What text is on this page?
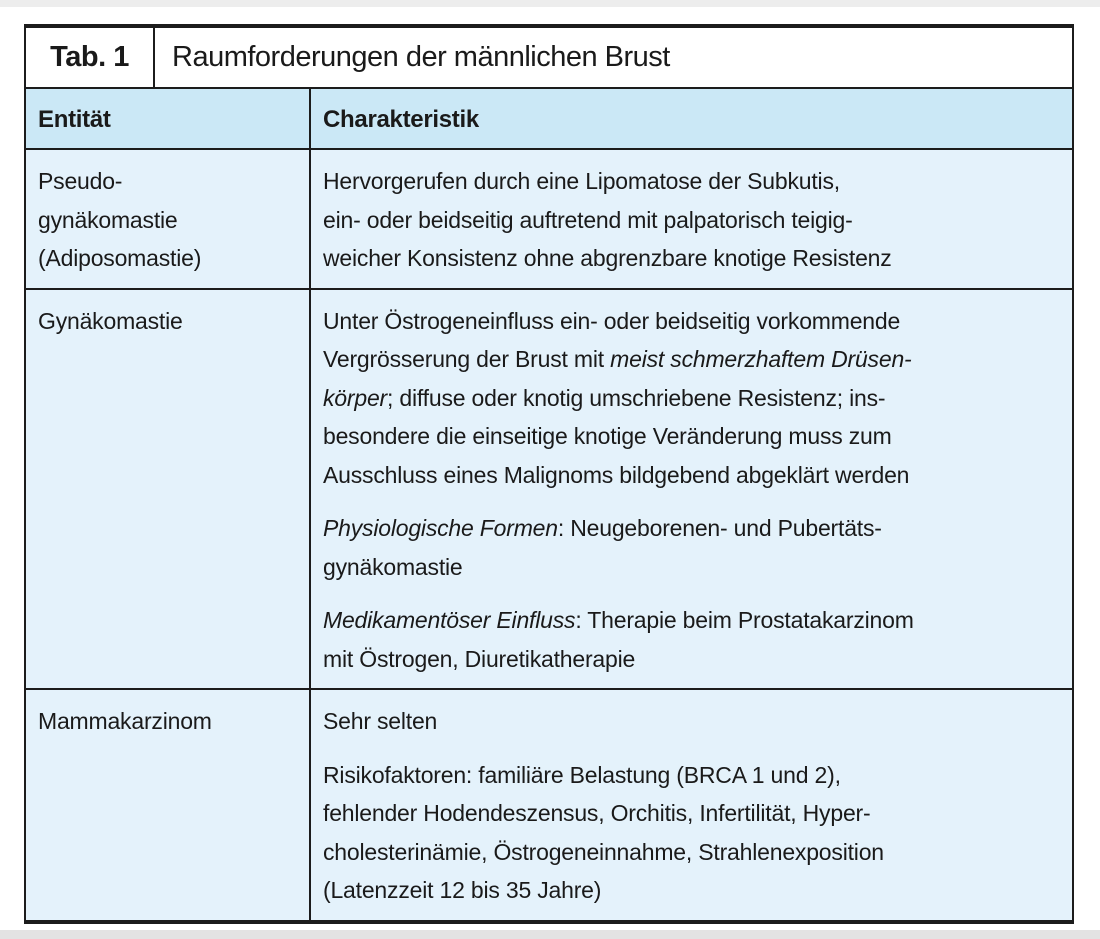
Tab. 1 Raumforderungen der männlichen Brust	

Entität	Charakteristik
Pseudo-
gynäkomastie
(Adiposomastie)	Hervorgerufen durch eine Lipomatose der Subkutis,
ein- oder beidseitig auftretend mit palpatorisch teigig-
weicher Konsistenz ohne abgrenzbare knotige Resistenz

Gynäkomastie	Unter Östrogeneinfluss ein- oder beidseitig vorkommende
Vergrösserung der Brust mit meist schmerzhaftem Drüsen-
körper; diffuse oder knotig umschriebene Resistenz; ins-
besondere die einseitige knotige Veränderung muss zum
Ausschluss eines Malignoms bildgebend abgeklärt werden

Physiologische Formen: Neugeborenen- und Pubertäts-
gynäkomastie

Medikamentöser Einfluss: Therapie beim Prostatakarzinom
mit Östrogen, Diuretikatherapie

Mammakarzinom	Sehr selten

Risikofaktoren: familiäre Belastung (BRCA 1 und 2),
fehlender Hodendeszensus, Orchitis, Infertilität, Hyper-
cholesterinämie, Östrogeneinnahme, Strahlenexposition
(Latenzzeit 12 bis 35 Jahre)
